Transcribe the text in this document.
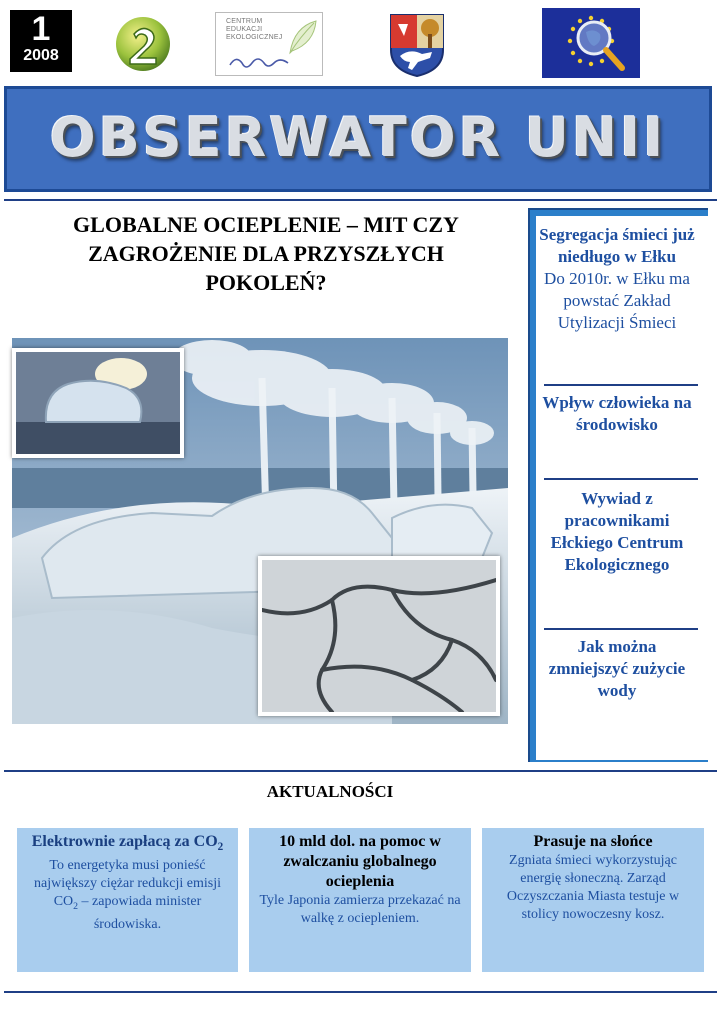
1
2008
CENTRUM
EDUKACJI
EKOLOGICZNEJ
OBSERWATOR UNII
GLOBALNE OCIEPLENIE – MIT CZY
ZAGROŻENIE DLA PRZYSZŁYCH
POKOLEŃ?
Segregacja śmieci już niedługo w Ełku
Do 2010r. w Ełku ma powstać Zakład Utylizacji Śmieci
Wpływ człowieka na środowisko
Wywiad z pracownikami Ełckiego Centrum Ekologicznego
Jak można zmniejszyć zużycie wody
AKTUALNOŚCI
Elektrownie zapłacą za $CO_2$
To energetyka musi ponieść największy ciężar redukcji emisji $CO_2$ – zapowiada minister środowiska.
10 mld dol. na pomoc w zwalczaniu globalnego ocieplenia
Tyle Japonia zamierza przekazać na walkę z ociepleniem.
Prasuje na słońce
Zgniata śmieci wykorzystując energię słoneczną. Zarząd Oczyszczania Miasta testuje w stolicy nowoczesny kosz.
